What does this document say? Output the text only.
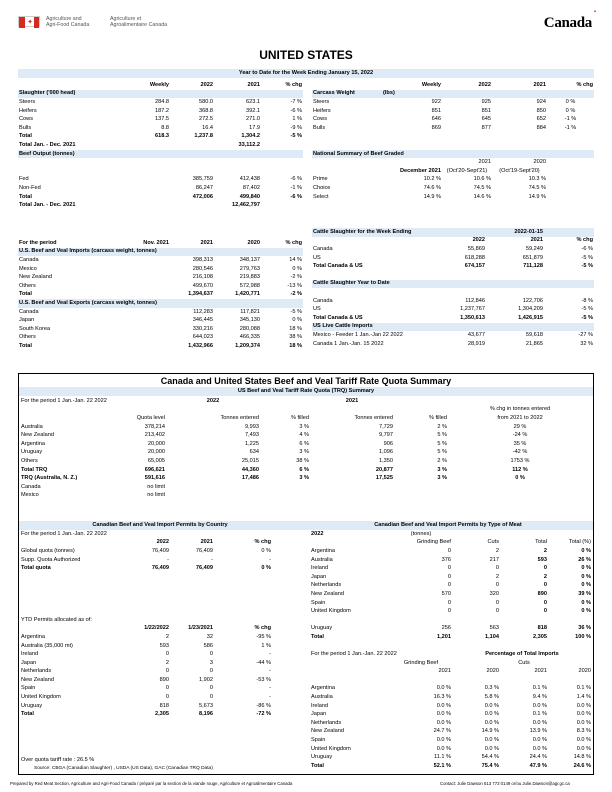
✦ Agriculture and
Agri-Food Canada
Agriculture et
Agroalimentaire Canada
▪
Canada
UNITED STATES
Year to Date for the Week Ending January 15, 2022
	Weekly	2022	2021	% chg
Slaughter ('000 head)				
Steers	284.8	580.0	623.1	-7 %
Heifers	187.2	368.8	392.1	-6 %
Cows	137.5	272.5	271.0	1 %
Bulls	8.8	16.4	17.9	-9 %
Total	618.3	1,237.8	1,304.2	-5 %
Total Jan. - Dec. 2021			33,112.2	
Beef Output (tonnes)				

Fed		385,759	412,438	-6 %
Non-Fed		86,247	87,402	-1 %
Total		472,006	499,840	-6 %
Total Jan. - Dec. 2021			12,462,797	
	Weekly	2022	2021	% chg
Carcass Weight	(lbs)			
Steers	922	925	924	0 %
Heifers	851	851	850	0 %
Cows	646	645	652	-1 %
Bulls	869	877	884	-1 %

National Summary of Beef Graded				
		2021	2020	
	December 2021	(Oct'20-Sept'21)	(Oct'19-Sept'20)	
Prime	10.2 %	10.6 %	10.3 %	
Choice	74.6 %	74.5 %	74.5 %	
Select	14.9 %	14.6 %	14.9 %	
For the period	Nov. 2021	2021	2020	% chg
U.S. Beef and Veal Imports (carcass weight, tonnes)				
Canada		398,313	348,137	14 %
Mexico		280,546	279,763	0 %
New Zealand		216,108	219,883	-2 %
Others		499,670	572,988	-13 %
Total		1,394,637	1,420,771	-2 %
U.S. Beef and Veal Exports (carcass weight, tonnes)				
Canada		112,283	117,821	-5 %
Japan		346,445	345,130	0 %
South Korea		330,216	280,088	18 %
Others		644,023	466,335	38 %
Total		1,432,966	1,209,374	18 %
Cattle Slaughter for the Week Ending		2022-01-15	
	2022	2021	% chg
Canada	55,869	59,249	-6 %
US	618,288	651,879	-5 %
Total Canada & US	674,157	711,128	-5 %

Cattle Slaughter Year to Date			

Canada	112,846	122,706	-8 %
US	1,237,767	1,304,209	-5 %
Total Canada & US	1,350,613	1,426,915	-5 %
US Live Cattle Imports			
Mexico - Feeder 1 Jan.-Jan 22 2022	43,677	59,618	-27 %
Canada 1 Jan.-Jan. 15 2022	28,919	21,865	32 %
Canada and United States Beef and Veal Tariff Rate Quota Summary
US Beef and Veal Tariff Rate Quota (TRQ) Summary
For the period 1 Jan.-Jan. 22 2022		2022		2021		
						% chg in tonnes entered
	Quota level	Tonnes entered	% filled	Tonnes entered	% filled	from 2021 to 2022
Australia	378,214	9,993	3 %	7,729	2 %	29 %
New Zealand	213,402	7,493	4 %	9,797	5 %	-24 %
Argentina	20,000	1,225	6 %	906	5 %	35 %
Uruguay	20,000	634	3 %	1,096	5 %	-42 %
Others	65,005	25,015	38 %	1,350	2 %	1753 %
Total TRQ	696,621	44,360	6 %	20,877	3 %	112 %
TRQ (Australia, N. Z.)	591,616	17,486	3 %	17,525	3 %	0 %
Canada	no limit					
Mexico	no limit					
Canadian Beef and Veal Import Permits by Country	Canadian Beef and Veal Import Permits by Type of Meat
For the period 1 Jan.-Jan. 22 2022				
	2022	2021	% chg	
Global quota (tonnes)	76,409	76,409	0 %	
Supp. Quota Authorized	-	-	-	
Total quota	76,409	76,409	0 %	

YTD Permits allocated as of:				
	1/22/2022	1/23/2021	% chg	
Argentina	2	32	-95 %	
Australia (35,000 mt)	593	586	1 %	
Ireland	0	0	-	
Japan	2	3	-44 %	
Netherlands	0	0	-	
New Zealand	890	1,902	-53 %	
Spain	0	0	-	
United Kingdom	0	0	-	
Uruguay	818	5,673	-86 %	
Total	2,305	8,196	-72 %	
Over quota tariff rate : 26.5 %
2022	(tonnes)			
	Grinding Beef	Cuts	Total	Total (%)
Argentina	0	2	2	0 %
Australia	376	217	593	26 %
Ireland	0	0	0	0 %
Japan	0	2	2	0 %
Netherlands	0	0	0	0 %
New Zealand	570	320	890	39 %
Spain	0	0	0	0 %
United Kingdom	0	0	0	0 %

Uruguay	256	563	818	36 %
Total	1,201	1,104	2,305	100 %

For the period 1 Jan.-Jan. 22 2022		Percentage of Total Imports		
	Grinding Beef		Cuts	
	2021	2020	2021	2020

Argentina	0.0 %	0.3 %	0.1 %	0.1 %
Australia	16.3 %	5.8 %	9.4 %	1.4 %
Ireland	0.0 %	0.0 %	0.0 %	0.0 %
Japan	0.0 %	0.0 %	0.1 %	0.0 %
Netherlands	0.0 %	0.0 %	0.0 %	0.0 %
New Zealand	24.7 %	14.9 %	13.9 %	8.3 %
Spain	0.0 %	0.0 %	0.0 %	0.0 %
United Kingdom	0.0 %	0.0 %	0.0 %	0.0 %
Uruguay	11.1 %	54.4 %	24.4 %	14.8 %
Total	52.1 %	75.4 %	47.9 %	24.6 %
Source: CBGA (Canadian Slaughter) , USDA (US Data), GAC (Canadian TRQ Data)
Prepared by Red Meat Section, Agriculture and Agri-Food Canada / préparé par la section de la viande rouge, Agriculture et Agroalimentaire Canada	Contact: Julie Dawson 613 773 0149 or/ou Julie.Dawson@agr.gc.ca
